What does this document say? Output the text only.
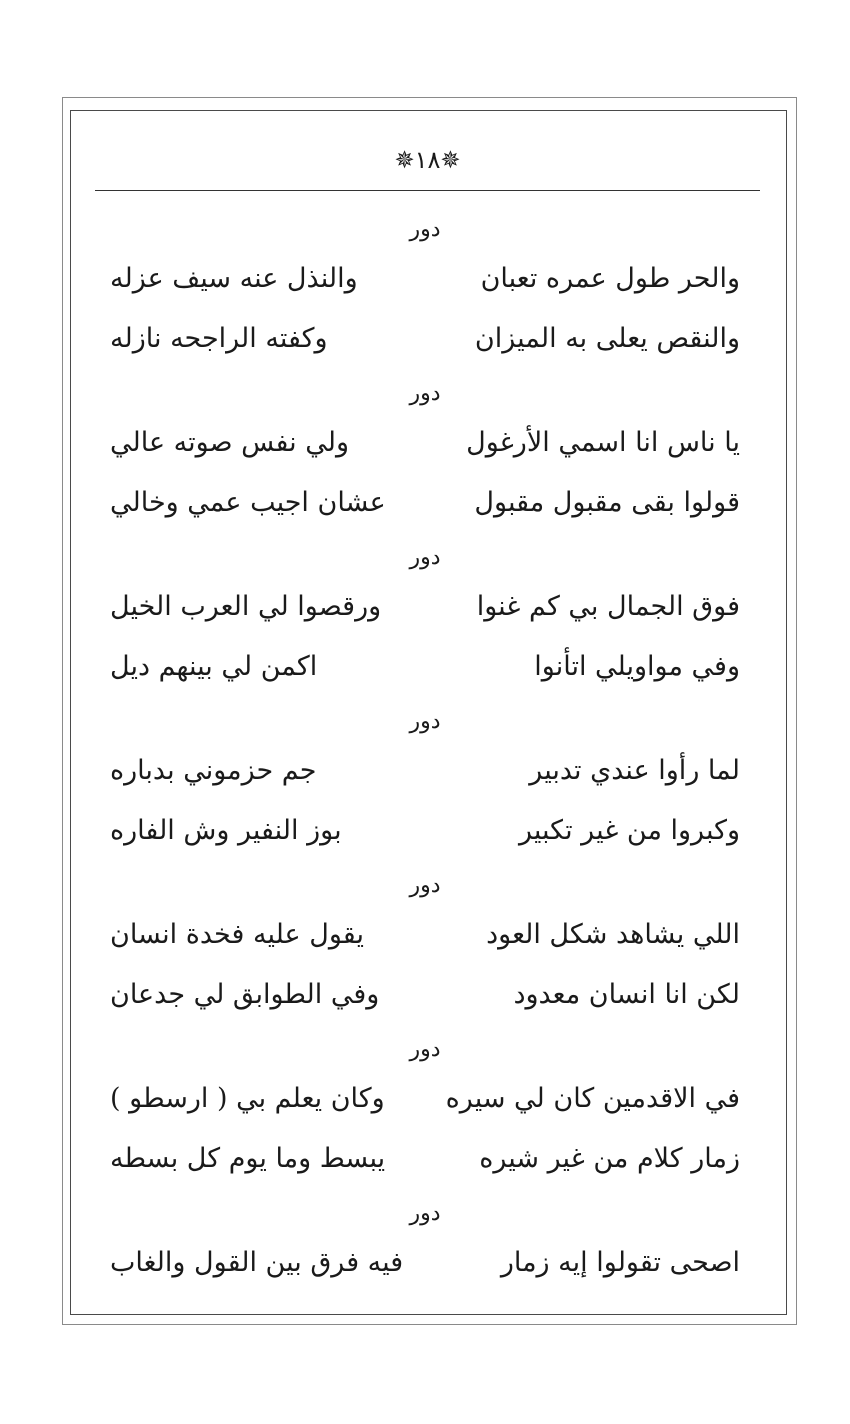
✵١٨✵
دور
والحر طول عمره تعبان
والنذل عنه سيف عزله
والنقص يعلى به الميزان
وكفته الراجحه نازله
دور
يا ناس انا اسمي الأرغول
ولي نفس صوته عالي
قولوا بقى مقبول مقبول
عشان اجيب عمي وخالي
دور
فوق الجمال بي كم غنوا
ورقصوا لي العرب الخيل
وفي مواويلي اتأنوا
اكمن لي بينهم ديل
دور
لما رأوا عندي تدبير
جم حزموني بدباره
وكبروا من غير تكبير
بوز النفير وش الفاره
دور
اللي يشاهد شكل العود
يقول عليه فخدة انسان
لكن انا انسان معدود
وفي الطوابق لي جدعان
دور
في الاقدمين كان لي سيره
وكان يعلم بي ( ارسطو )
زمار كلام من غير شيره
يبسط وما يوم كل بسطه
دور
اصحى تقولوا إيه زمار
فيه فرق بين القول والغاب
